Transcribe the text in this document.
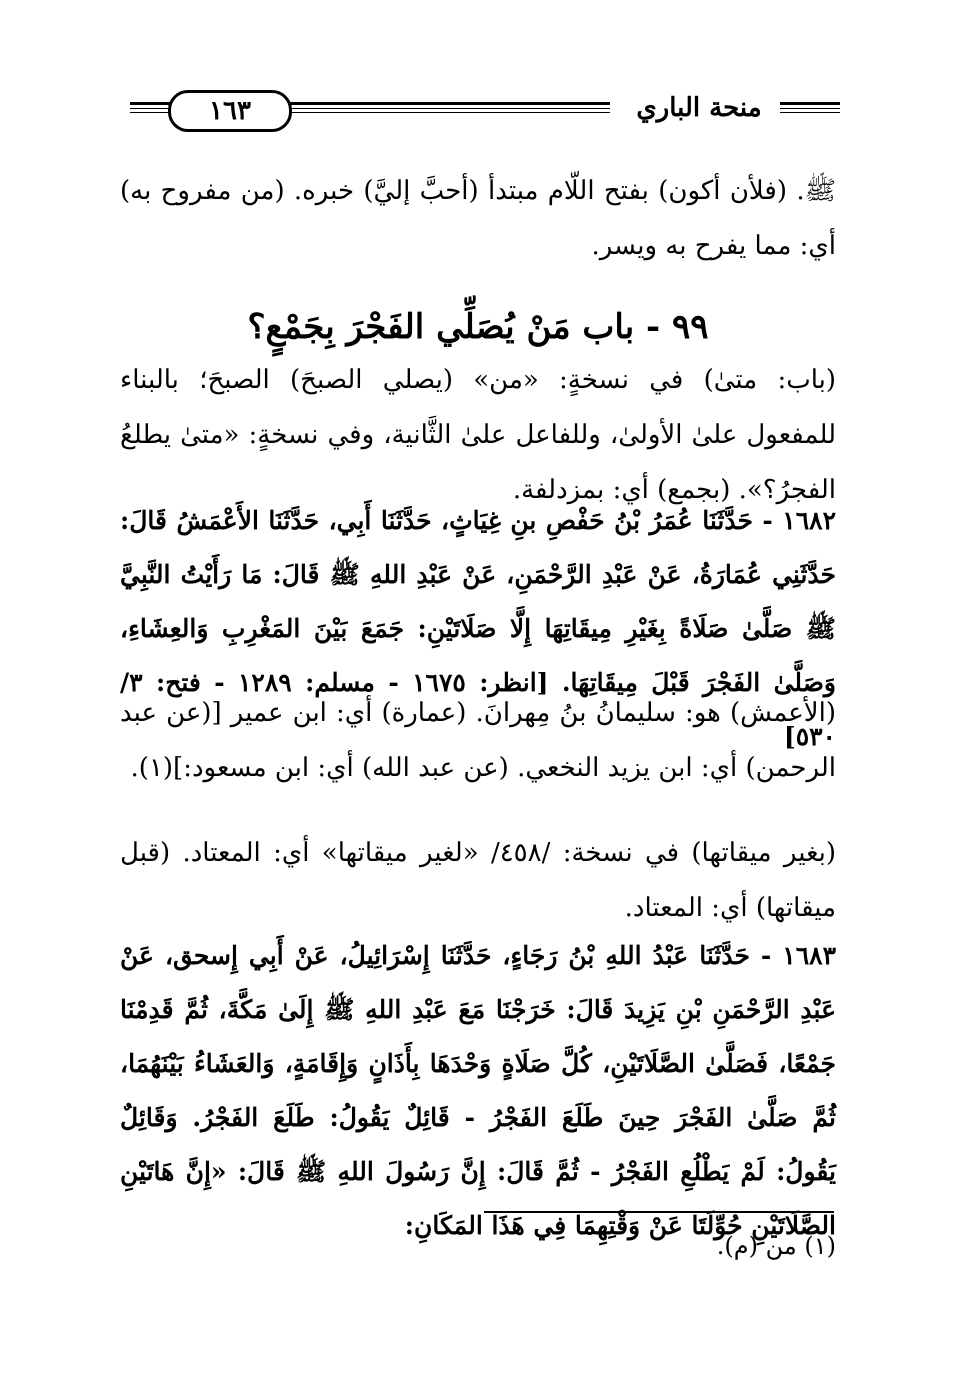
١٦٣	منحة الباري
ﷺ. (فلأن أكون) بفتح اللّام مبتدأ (أحبَّ إليَّ) خبره. (من مفروح به) أي: مما يفرح به ويسر.
٩٩ - باب مَنْ يُصَلِّي الفَجْرَ بِجَمْعٍ؟
(باب: متىٰ) في نسخةٍ: «من» (يصلي الصبحَ) الصبحَ؛ بالبناء للمفعول علىٰ الأولىٰ، وللفاعل علىٰ الثَّانية، وفي نسخةٍ: «متىٰ يطلعُ الفجرُ؟». (بجمع) أي: بمزدلفة.
١٦٨٢ - حَدَّثَنَا عُمَرُ بْنُ حَفْصِ بنِ غِيَاثٍ، حَدَّثَنَا أَبِي، حَدَّثَنَا الأَعْمَشُ قَالَ: حَدَّثَنِي عُمَارَةُ، عَنْ عَبْدِ الرَّحْمَنِ، عَنْ عَبْدِ اللهِ ﷺ قَالَ: مَا رَأَيْتُ النَّبِيَّ ﷺ صَلَّىٰ صَلَاةً بِغَيْرِ مِيقَاتِهَا إِلَّا صَلَاتَيْنِ: جَمَعَ بَيْنَ المَغْرِبِ وَالعِشَاءِ، وَصَلَّىٰ الفَجْرَ قَبْلَ مِيقَاتِهَا. [انظر: ١٦٧٥ - مسلم: ١٢٨٩ - فتح: ٣/ ٥٣٠]
(الأعمش) هو: سليمانُ بنُ مِهرانَ. (عمارة) أي: ابن عمير [(عن عبد الرحمن) أي: ابن يزيد النخعي. (عن عبد الله) أي: ابن مسعود:](١).
(بغير ميقاتها) في نسخة: /٤٥٨/ «لغير ميقاتها» أي: المعتاد. (قبل ميقاتها) أي: المعتاد.
١٦٨٣ - حَدَّثَنَا عَبْدُ اللهِ بْنُ رَجَاءٍ، حَدَّثَنَا إِسْرَائِيلُ، عَنْ أَبِي إِسحق، عَنْ عَبْدِ الرَّحْمَنِ بْنِ يَزِيدَ قَالَ: خَرَجْنَا مَعَ عَبْدِ اللهِ ﷺ إِلَىٰ مَكَّةَ، ثُمَّ قَدِمْنَا جَمْعًا، فَصَلَّىٰ الصَّلَاتَيْنِ، كُلَّ صَلَاةٍ وَحْدَهَا بِأَذَانٍ وَإِقَامَةٍ، وَالعَشَاءُ بَيْنَهُمَا، ثُمَّ صَلَّىٰ الفَجْرَ حِينَ طَلَعَ الفَجْرُ - قَائِلٌ يَقُولُ: طَلَعَ الفَجْرُ. وَقَائِلٌ يَقُولُ: لَمْ يَطْلُعِ الفَجْرُ - ثُمَّ قَالَ: إِنَّ رَسُولَ اللهِ ﷺ قَالَ: «إِنَّ هَاتَيْنِ الصَّلَاتَيْنِ حُوِّلَتَا عَنْ وَقْتِهِمَا فِي هَذَا المَكَانِ:
(١) من (م).
